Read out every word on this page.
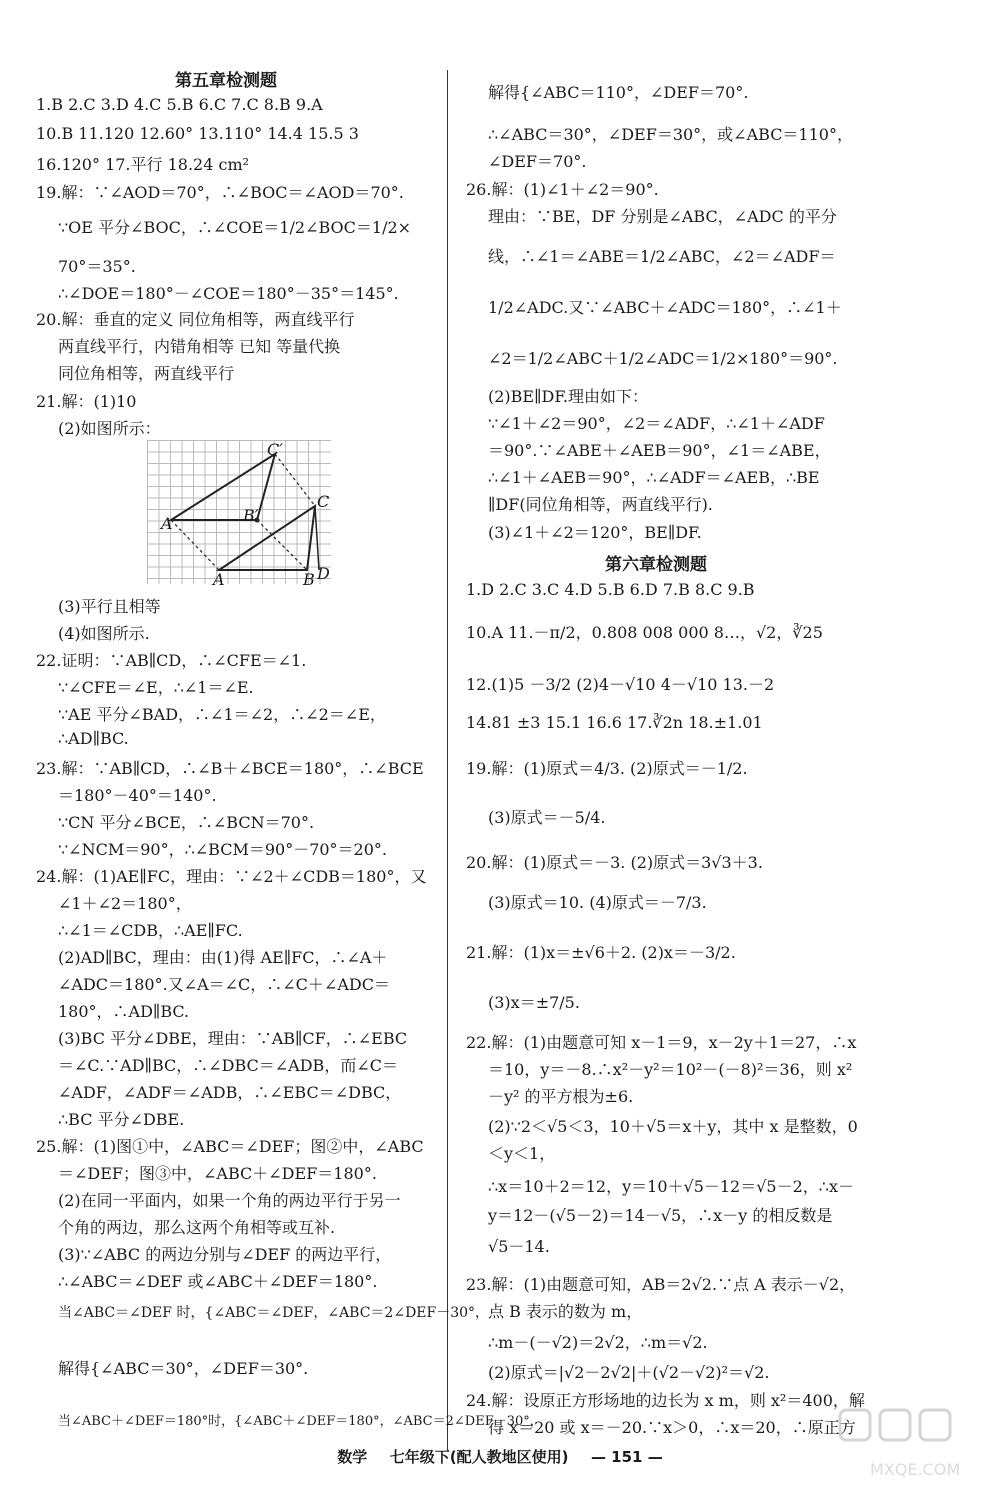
第五章检测题
1.B 2.C 3.D 4.C 5.B 6.C 7.C 8.B 9.A
10.B 11.120 12.60° 13.110° 14.4 15.5 3
16.120° 17.平行 18.24 cm²
19.解：∵∠AOD＝70°，∴∠BOC＝∠AOD＝70°.
∵OE 平分∠BOC，∴∠COE＝1/2∠BOC＝1/2×
70°＝35°.
∴∠DOE＝180°－∠COE＝180°－35°＝145°.
20.解：垂直的定义 同位角相等，两直线平行
两直线平行，内错角相等 已知 等量代换
同位角相等，两直线平行
21.解：(1)10
(2)如图所示：
C′
C
A′	B′
A	B D
(3)平行且相等
(4)如图所示.
22.证明：∵AB∥CD，∴∠CFE＝∠1.
∵∠CFE＝∠E，∴∠1＝∠E.
∵AE 平分∠BAD，∴∠1＝∠2，∴∠2＝∠E，
∴AD∥BC.
23.解：∵AB∥CD，∴∠B＋∠BCE＝180°，∴∠BCE
＝180°－40°＝140°.
∵CN 平分∠BCE，∴∠BCN＝70°.
∵∠NCM＝90°，∴∠BCM＝90°－70°＝20°.
24.解：(1)AE∥FC，理由：∵∠2＋∠CDB＝180°，又
∠1＋∠2＝180°，
∴∠1＝∠CDB，∴AE∥FC.
(2)AD∥BC，理由：由(1)得 AE∥FC，∴∠A＋
∠ADC＝180°.又∠A＝∠C，∴∠C＋∠ADC＝
180°，∴AD∥BC.
(3)BC 平分∠DBE，理由：∵AB∥CF，∴∠EBC
＝∠C.∵AD∥BC，∴∠DBC＝∠ADB，而∠C＝
∠ADF，∠ADF＝∠ADB，∴∠EBC＝∠DBC，
∴BC 平分∠DBE.
25.解：(1)图①中，∠ABC＝∠DEF；图②中，∠ABC
＝∠DEF；图③中，∠ABC＋∠DEF＝180°.
(2)在同一平面内，如果一个角的两边平行于另一
个角的两边，那么这两个角相等或互补.
(3)∵∠ABC 的两边分别与∠DEF 的两边平行，
∴∠ABC＝∠DEF 或∠ABC＋∠DEF＝180°.
当∠ABC＝∠DEF 时，{∠ABC＝∠DEF，∠ABC＝2∠DEF－30°，
解得{∠ABC＝30°，∠DEF＝30°.
当∠ABC＋∠DEF＝180°时，{∠ABC＋∠DEF＝180°，∠ABC＝2∠DEF－30°，
解得{∠ABC＝110°，∠DEF＝70°.
∴∠ABC＝30°，∠DEF＝30°，或∠ABC＝110°，
∠DEF＝70°.
26.解：(1)∠1＋∠2＝90°.
理由：∵BE，DF 分别是∠ABC，∠ADC 的平分
线，∴∠1＝∠ABE＝1/2∠ABC，∠2＝∠ADF＝
1/2∠ADC.又∵∠ABC＋∠ADC＝180°，∴∠1＋
∠2＝1/2∠ABC＋1/2∠ADC＝1/2×180°＝90°.
(2)BE∥DF.理由如下：
∵∠1＋∠2＝90°，∠2＝∠ADF，∴∠1＋∠ADF
＝90°.∵∠ABE＋∠AEB＝90°，∠1＝∠ABE，
∴∠1＋∠AEB＝90°，∴∠ADF＝∠AEB，∴BE
∥DF(同位角相等，两直线平行).
(3)∠1＋∠2＝120°，BE∥DF.
第六章检测题
1.D 2.C 3.C 4.D 5.B 6.D 7.B 8.C 9.B
10.A 11.－π/2，0.808 008 000 8…，√2，∛25
12.(1)5 －3/2 (2)4－√10 4－√10 13.－2
14.81 ±3 15.1 16.6 17.∛2n 18.±1.01
19.解：(1)原式＝4/3. (2)原式＝－1/2.
(3)原式＝－5/4.
20.解：(1)原式＝－3. (2)原式＝3√3＋3.
(3)原式＝10. (4)原式＝－7/3.
21.解：(1)x＝±√6＋2. (2)x＝－3/2.
(3)x＝±7/5.
22.解：(1)由题意可知 x－1＝9，x－2y＋1＝27，∴x
＝10，y＝－8.∴x²－y²＝10²－(－8)²＝36，则 x²
－y² 的平方根为±6.
(2)∵2＜√5＜3，10＋√5＝x＋y，其中 x 是整数，0
＜y＜1，
∴x＝10＋2＝12，y＝10＋√5－12＝√5－2，∴x－
y＝12－(√5－2)＝14－√5，∴x－y 的相反数是
√5－14.
23.解：(1)由题意可知，AB＝2√2.∵点 A 表示－√2，
点 B 表示的数为 m，
∴m－(－√2)＝2√2，∴m＝√2.
(2)原式＝|√2－2√2|＋(√2－√2)²＝√2.
24.解：设原正方形场地的边长为 x m，则 x²＝400，解
得 x＝20 或 x＝－20.∵x＞0，∴x＝20，∴原正方
数学 七年级下(配人教地区使用) — 151 —
MXQE.COM
